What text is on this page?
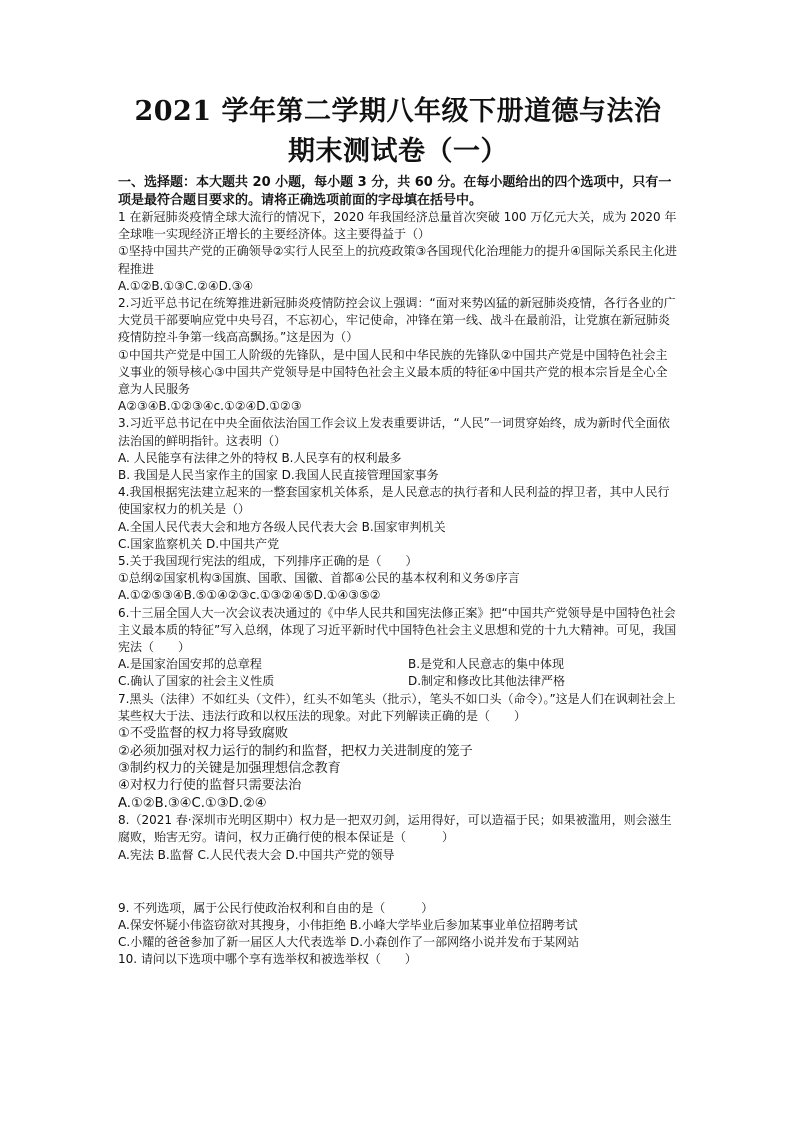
2021 学年第二学期八年级下册道德与法治
期末测试卷（一）
一、选择题：本大题共 20 小题，每小题 3 分，共 60 分。在每小题给出的四个选项中，只有一项是最符合题目要求的。请将正确选项前面的字母填在括号中。

1 在新冠肺炎疫情全球大流行的情况下，2020 年我国经济总量首次突破 100 万亿元大关，成为 2020 年全球唯一实现经济正增长的主要经济体。这主要得益于（）

①坚持中国共产党的正确领导②实行人民至上的抗疫政策③各国现代化治理能力的提升④国际关系民主化进程推进

A.①②B.①③C.②④D.③④

2.习近平总书记在统筹推进新冠肺炎疫情防控会议上强调：“面对来势凶猛的新冠肺炎疫情，各行各业的广大党员干部要响应党中央号召，不忘初心，牢记使命，冲锋在第一线、战斗在最前沿，让党旗在新冠肺炎疫情防控斗争第一线高高飘扬。”这是因为（）

①中国共产党是中国工人阶级的先锋队，是中国人民和中华民族的先锋队②中国共产党是中国特色社会主义事业的领导核心③中国共产党领导是中国特色社会主义最本质的特征④中国共产党的根本宗旨是全心全意为人民服务

A②③④B.①②③④c.①②④D.①②③

3.习近平总书记在中央全面依法治国工作会议上发表重要讲话，“人民”一词贯穿始终，成为新时代全面依法治国的鲜明指针。这表明（）

A. 人民能享有法律之外的特权 B.人民享有的权利最多

B. 我国是人民当家作主的国家 D.我国人民直接管理国家事务

4.我国根据宪法建立起来的一整套国家机关体系，是人民意志的执行者和人民利益的捍卫者，其中人民行使国家权力的机关是（）

A.全国人民代表大会和地方各级人民代表大会 B.国家审判机关

C.国家监察机关 D.中国共产党

5.关于我国现行宪法的组成，下列排序正确的是（　　）

①总纲②国家机构③国旗、国歌、国徽、首都④公民的基本权利和义务⑤序言

A.①②⑤③④B.⑤①④②③c.①③②④⑤D.①④③⑤②

6.十三届全国人大一次会议表决通过的《中华人民共和国宪法修正案》把“中国共产党领导是中国特色社会主义最本质的特征”写入总纲，体现了习近平新时代中国特色社会主义思想和党的十九大精神。可见，我国宪法（　　）

A.是国家治国安邦的总章程	B.是党和人民意志的集中体现
C.确认了国家的社会主义性质	D.制定和修改比其他法律严格

7.黑头（法律）不如红头（文件），红头不如笔头（批示），笔头不如口头（命令）。”这是人们在讽刺社会上某些权大于法、违法行政和以权压法的现象。对此下列解读正确的是（　　）

①不受监督的权力将导致腐败

②必须加强对权力运行的制约和监督，把权力关进制度的笼子

③制约权力的关键是加强理想信念教育

④对权力行使的监督只需要法治

A.①②B.③④C.①③D.②④

8.（2021 春·深圳市光明区期中）权力是一把双刃剑，运用得好，可以造福于民；如果被滥用，则会滋生腐败，贻害无穷。请问，权力正确行使的根本保证是（　　　）

A.宪法 B.监督 C.人民代表大会 D.中国共产党的领导

9. 不列选项，属于公民行使政治权利和自由的是（　　　）

A.保安怀疑小伟盗窃欲对其搜身，小伟拒绝 B.小峰大学毕业后参加某事业单位招聘考试

C.小耀的爸爸参加了新一届区人大代表选举 D.小森创作了一部网络小说并发布于某网站

10. 请问以下选项中哪个享有选举权和被选举权（　　）
